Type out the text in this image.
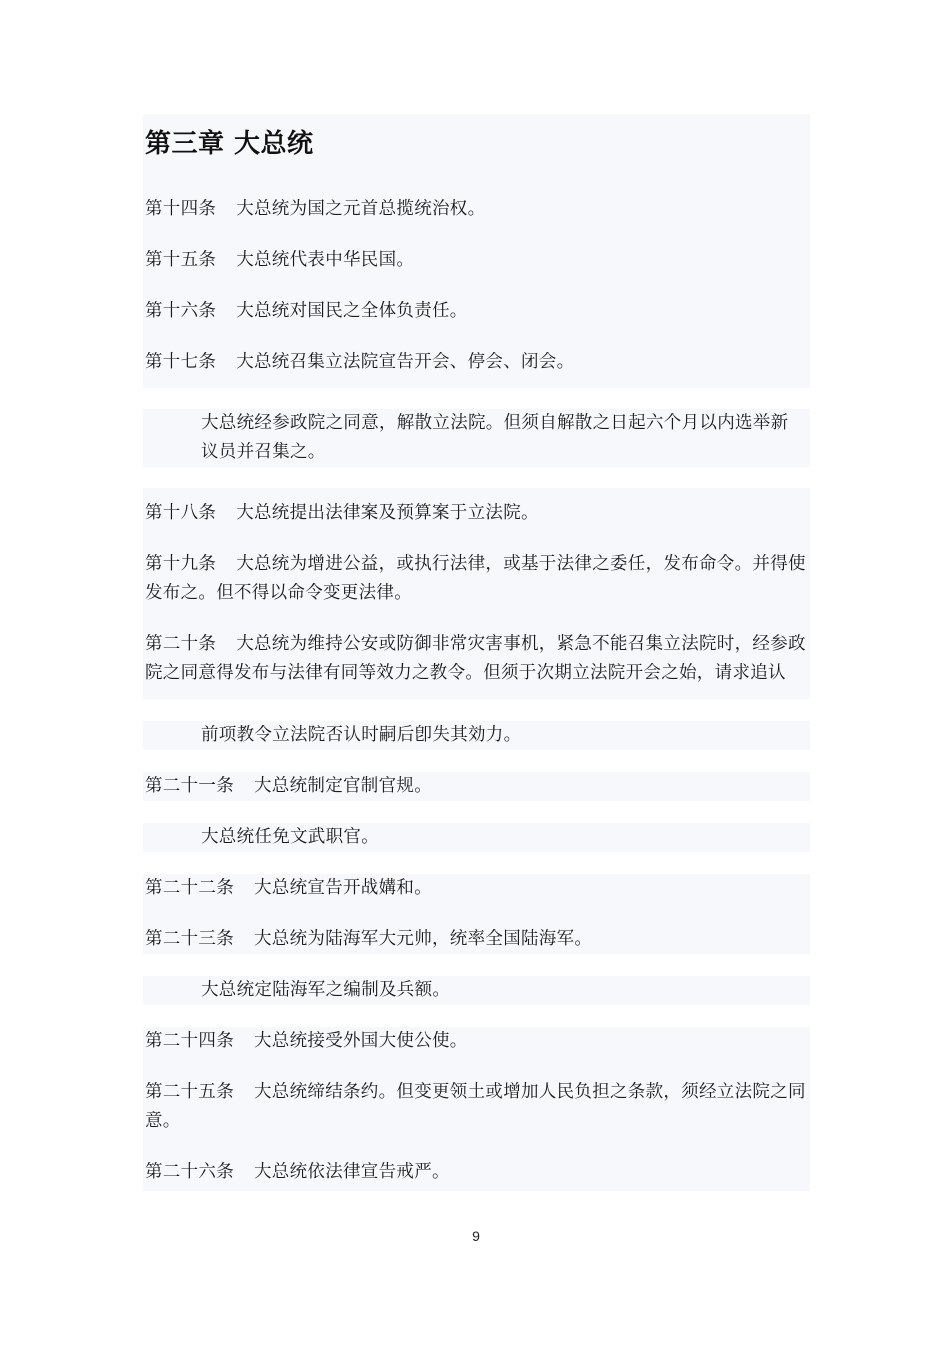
第三章 大总统

第十四条 大总统为国之元首总揽统治权。

第十五条 大总统代表中华民国。

第十六条 大总统对国民之全体负责任。

第十七条 大总统召集立法院宣告开会、停会、闭会。

大总统经参政院之同意，解散立法院。但须自解散之日起六个月以内选举新议员并召集之。

第十八条 大总统提出法律案及预算案于立法院。

第十九条 大总统为增进公益，或执行法律，或基于法律之委任，发布命令。并得使发布之。但不得以命令变更法律。

第二十条 大总统为维持公安或防御非常灾害事机，紧急不能召集立法院时，经参政院之同意得发布与法律有同等效力之教令。但须于次期立法院开会之始，请求追认

前项教令立法院否认时嗣后卽失其効力。

第二十一条 大总统制定官制官规。

大总统任免文武职官。

第二十二条 大总统宣告开战媾和。

第二十三条 大总统为陆海军大元帅，统率全国陆海军。

大总统定陆海军之编制及兵额。

第二十四条 大总统接受外国大使公使。

第二十五条 大总统缔结条约。但变更领土或增加人民负担之条款，须经立法院之同意。

第二十六条 大总统依法律宣告戒严。

9
